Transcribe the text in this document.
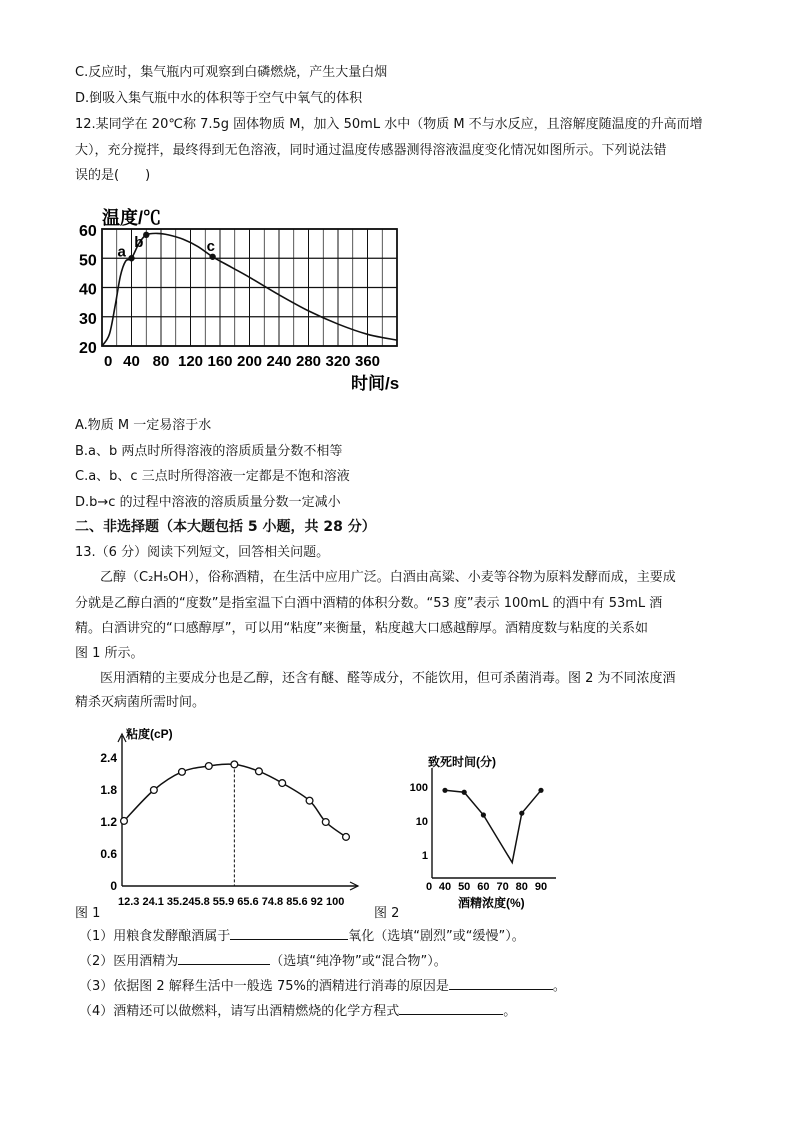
C.反应时，集气瓶内可观察到白磷燃烧，产生大量白烟
D.倒吸入集气瓶中水的体积等于空气中氧气的体积
12.某同学在 20℃称 7.5g 固体物质 M，加入 50mL 水中（物质 M 不与水反应，且溶解度随温度的升高而增
大），充分搅拌，最终得到无色溶液，同时通过温度传感器测得溶液温度变化情况如图所示。下列说法错
误的是(　　)
a
b	c
温度/℃
20
30
40
50
60
0 40 80 120 160 200 240 280 320 360
时间/s
A.物质 M 一定易溶于水
B.a、b 两点时所得溶液的溶质质量分数不相等
C.a、b、c 三点时所得溶液一定都是不饱和溶液
D.b→c 的过程中溶液的溶质质量分数一定减小
二、非选择题（本大题包括 5 小题，共 28 分）
13.（6 分）阅读下列短文，回答相关问题。
乙醇（C₂H₅OH），俗称酒精，在生活中应用广泛。白酒由高粱、小麦等谷物为原料发酵而成，主要成
分就是乙醇白酒的“度数”是指室温下白酒中酒精的体积分数。“53 度”表示 100mL 的酒中有 53mL 酒
精。白酒讲究的“口感醇厚”，可以用“粘度”来衡量，粘度越大口感越醇厚。酒精度数与粘度的关系如
图 1 所示。
医用酒精的主要成分也是乙醇，还含有醚、醛等成分，不能饮用，但可杀菌消毒。图 2 为不同浓度酒
精杀灭病菌所需时间。
粘度(cP)
0
0.6
1.2
1.8
2.4
12.3 24.1 35.245.8 55.9 65.6 74.8 85.6 92 100
图 1
致死时间(分)
1
10
100
0 40 50 60 70 80 90
酒精浓度(%)
图 2
（1）用粮食发酵酿酒属于	氧化（选填“剧烈”或“缓慢”）。
（2）医用酒精为	（选填“纯净物”或“混合物”）。
（3）依据图 2 解释生活中一般选 75%的酒精进行消毒的原因是	。
（4）酒精还可以做燃料，请写出酒精燃烧的化学方程式	。
